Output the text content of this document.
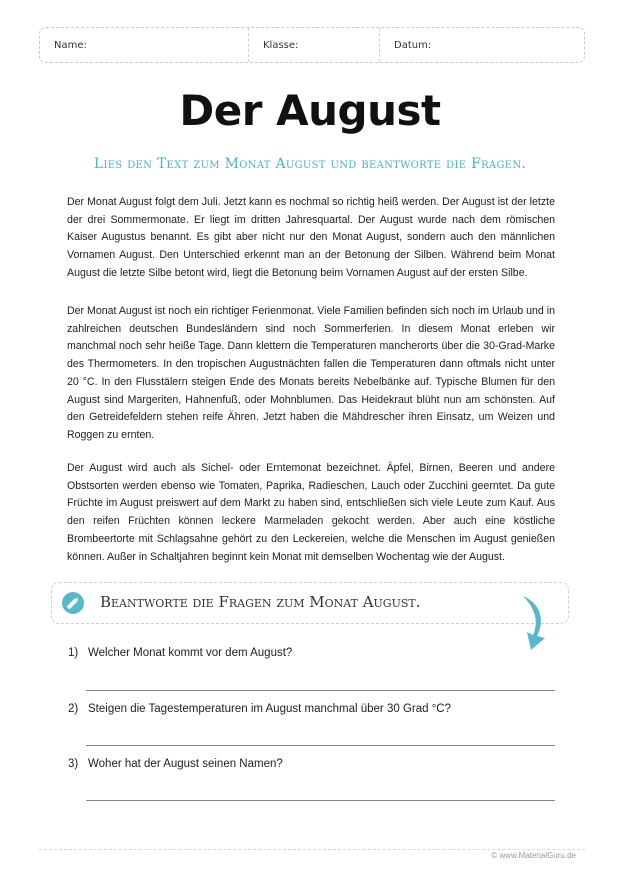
Name:	Klasse:	Datum:
Der August
Lies den Text zum Monat August und beantworte die Fragen.
Der Monat August folgt dem Juli. Jetzt kann es nochmal so richtig heiß werden. Der August ist der letzte der drei Sommermonate. Er liegt im dritten Jahresquartal. Der August wurde nach dem römischen Kaiser Augustus benannt. Es gibt aber nicht nur den Monat August, sondern auch den männlichen Vornamen August. Den Unterschied erkennt man an der Betonung der Silben. Während beim Monat August die letzte Silbe betont wird, liegt die Betonung beim Vornamen August auf der ersten Silbe.
Der Monat August ist noch ein richtiger Ferienmonat. Viele Familien befinden sich noch im Urlaub und in zahlreichen deutschen Bundesländern sind noch Sommerferien. In diesem Monat erleben wir manchmal noch sehr heiße Tage. Dann klettern die Temperaturen mancherorts über die 30-Grad-Marke des Thermometers. In den tropischen Augustnächten fallen die Temperaturen dann oftmals nicht unter 20 °C. In den Flusstälern steigen Ende des Monats bereits Nebelbänke auf. Typische Blumen für den August sind Margeriten, Hahnenfuß, oder Mohnblumen. Das Heidekraut blüht nun am schönsten. Auf den Getreidefeldern stehen reife Ähren. Jetzt haben die Mähdrescher ihren Einsatz, um Weizen und Roggen zu ernten.
Der August wird auch als Sichel- oder Erntemonat bezeichnet. Äpfel, Birnen, Beeren und andere Obstsorten werden ebenso wie Tomaten, Paprika, Radieschen, Lauch oder Zucchini geerntet. Da gute Früchte im August preiswert auf dem Markt zu haben sind, entschließen sich viele Leute zum Kauf. Aus den reifen Früchten können leckere Marmeladen gekocht werden. Aber auch eine köstliche Brombeertorte mit Schlagsahne gehört zu den Leckereien, welche die Menschen im August genießen können. Außer in Schaltjahren beginnt kein Monat mit demselben Wochentag wie der August.
Beantworte die Fragen zum Monat August.
1) Welcher Monat kommt vor dem August?
2) Steigen die Tagestemperaturen im August manchmal über 30 Grad °C?
3) Woher hat der August seinen Namen?
© www.MaterialGuru.de
